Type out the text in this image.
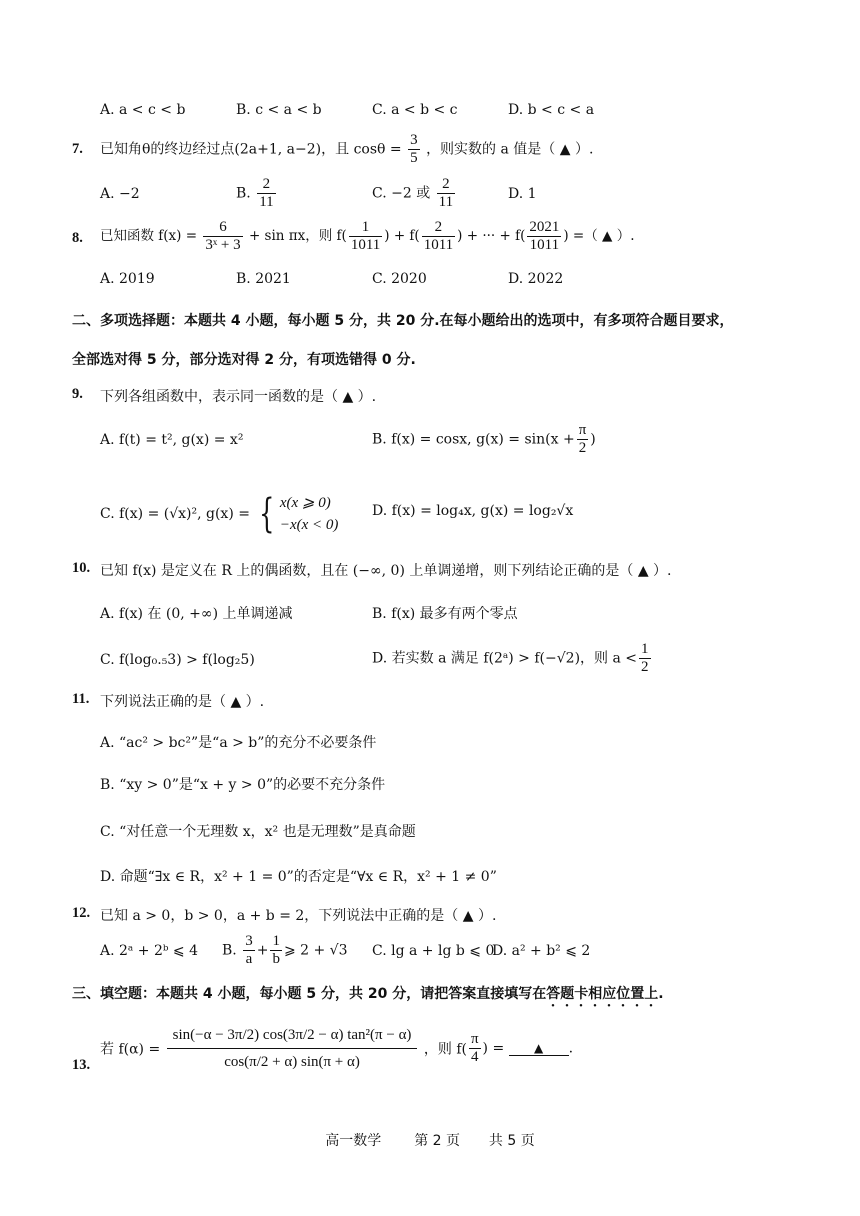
A. a < c < b	B. c < a < b	C. a < b < c	D. b < c < a
7. 已知角θ的终边经过点(2a+1, a−2)，且 $\cos\theta = \frac{3}{5}$ ，则实数的 a 值是（ ▲ ）.
A. −2	B. $\frac{2}{11}$	C. −2 或 $\frac{2}{11}$	D. 1
8. 已知函数 $f(x) = \frac{6}{\text{3ˣ + 3}} + \sin \pi x$，则 $f( \frac{1}{1011}$ ) + $f( \frac{2}{1011}$ ) + ··· + $f( \frac{2021}{1011}$ ) =（ ▲ ）.
A. 2019	B. 2021	C. 2020	D. 2022
二、多项选择题：本题共 4 小题，每小题 5 分，共 20 分.在每小题给出的选项中，有多项符合题目要求，
全部选对得 5 分，部分选对得 2 分，有项选错得 0 分.
9. 下列各组函数中，表示同一函数的是（ ▲ ）.
A. f(t) = t², g(x) = x²	B. f(x) = cosx, $g(x) = \sin(x + \frac{\pi}{2}$ )
C. f(x) = (√x)², g(x) = { x(x ⩾ 0)
−x(x < 0)
D. f(x) = log₄x, g(x) = log₂√x
10. 已知 f(x) 是定义在 R 上的偶函数，且在 (−∞, 0) 上单调递增，则下列结论正确的是（ ▲ ）.
A. f(x) 在 (0, +∞) 上单调递减	B. f(x) 最多有两个零点
C. f(log₀.₅3) > f(log₂5)	D. 若实数 a 满足 f(2ᵃ) > f(−√2)，则 $a < \frac{1}{2}$
11. 下列说法正确的是（ ▲ ）.
A. “ac² > bc²”是“a > b”的充分不必要条件
B. “xy > 0”是“x + y > 0”的必要不充分条件
C. “对任意一个无理数 x，x² 也是无理数”是真命题
D. 命题“∃x ∈ R，x² + 1 = 0”的否定是“∀x ∈ R，x² + 1 ≠ 0”
12. 已知 a > 0，b > 0，a + b = 2，下列说法中正确的是（ ▲ ）.
A. 2ᵃ + 2ᵇ ⩽ 4 B. $\frac{3}{a} + \frac{1}{b}$ ⩾ 2 + √3 C. lg a + lg b ⩽ 0
D. a² + b² ⩽ 2
三、填空题：本题共 4 小题，每小题 5 分，共 20 分，请把答案直接填写在答题卡相应位置上.
13.
若 $f(\alpha) = \frac{\text{sin(−α − 3π/2) cos(3π/2 − α) tan²(π − α)}}{\cos(\pi/2 + \alpha) \sin(\pi + \alpha)}$ ，则 $f( \frac{\pi}{4}$ ) = ▲ .
高一数学 第 2 页 共 5 页
